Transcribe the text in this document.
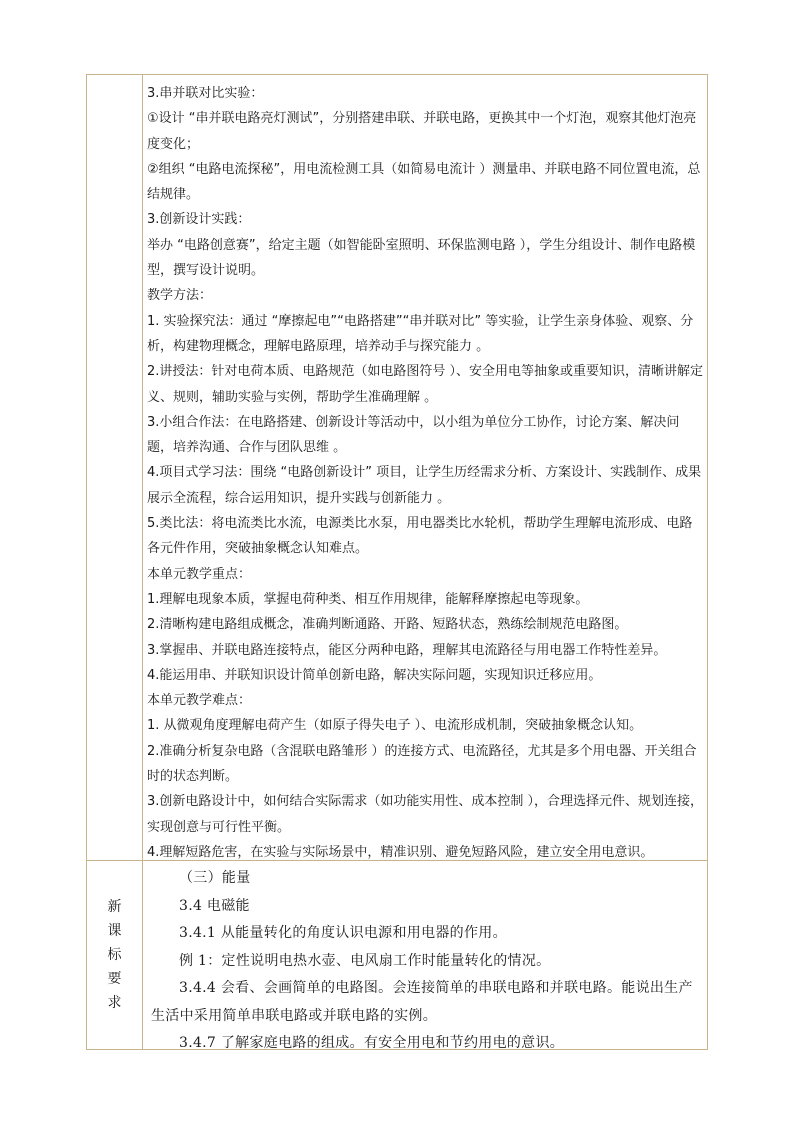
3.串并联对比实验：

①设计 “串并联电路亮灯测试”，分别搭建串联、并联电路，更换其中一个灯泡，观察其他灯泡亮度变化；

②组织 “电路电流探秘”，用电流检测工具（如简易电流计 ）测量串、并联电路不同位置电流，总结规律。

3.创新设计实践：

举办 “电路创意赛”，给定主题（如智能卧室照明、环保监测电路 ），学生分组设计、制作电路模型，撰写设计说明。

教学方法：

1. 实验探究法：通过 “摩擦起电”“电路搭建”“串并联对比” 等实验，让学生亲身体验、观察、分析，构建物理概念，理解电路原理，培养动手与探究能力 。

2.讲授法：针对电荷本质、电路规范（如电路图符号 ）、安全用电等抽象或重要知识，清晰讲解定义、规则，辅助实验与实例，帮助学生准确理解 。

3.小组合作法：在电路搭建、创新设计等活动中，以小组为单位分工协作，讨论方案、解决问题，培养沟通、合作与团队思维 。

4.项目式学习法：围绕 “电路创新设计” 项目，让学生历经需求分析、方案设计、实践制作、成果展示全流程，综合运用知识，提升实践与创新能力 。

5.类比法：将电流类比水流，电源类比水泵，用电器类比水轮机，帮助学生理解电流形成、电路各元件作用，突破抽象概念认知难点。

本单元教学重点：

1.理解电现象本质，掌握电荷种类、相互作用规律，能解释摩擦起电等现象。

2.清晰构建电路组成概念，准确判断通路、开路、短路状态，熟练绘制规范电路图。

3.掌握串、并联电路连接特点，能区分两种电路，理解其电流路径与用电器工作特性差异。

4.能运用串、并联知识设计简单创新电路，解决实际问题，实现知识迁移应用。

本单元教学难点：

1. 从微观角度理解电荷产生（如原子得失电子 ）、电流形成机制，突破抽象概念认知。

2.准确分析复杂电路（含混联电路雏形 ）的连接方式、电流路径，尤其是多个用电器、开关组合时的状态判断。

3.创新电路设计中，如何结合实际需求（如功能实用性、成本控制 ），合理选择元件、规划连接，实现创意与可行性平衡。

4.理解短路危害，在实验与实际场景中，精准识别、避免短路风险，建立安全用电意识。

新课标要求

（三）能量

3.4 电磁能

3.4.1 从能量转化的角度认识电源和用电器的作用。

例 1：定性说明电热水壶、电风扇工作时能量转化的情况。

3.4.4 会看、会画简单的电路图。会连接简单的串联电路和并联电路。能说出生产生活中采用简单串联电路或并联电路的实例。

3.4.7 了解家庭电路的组成。有安全用电和节约用电的意识。
